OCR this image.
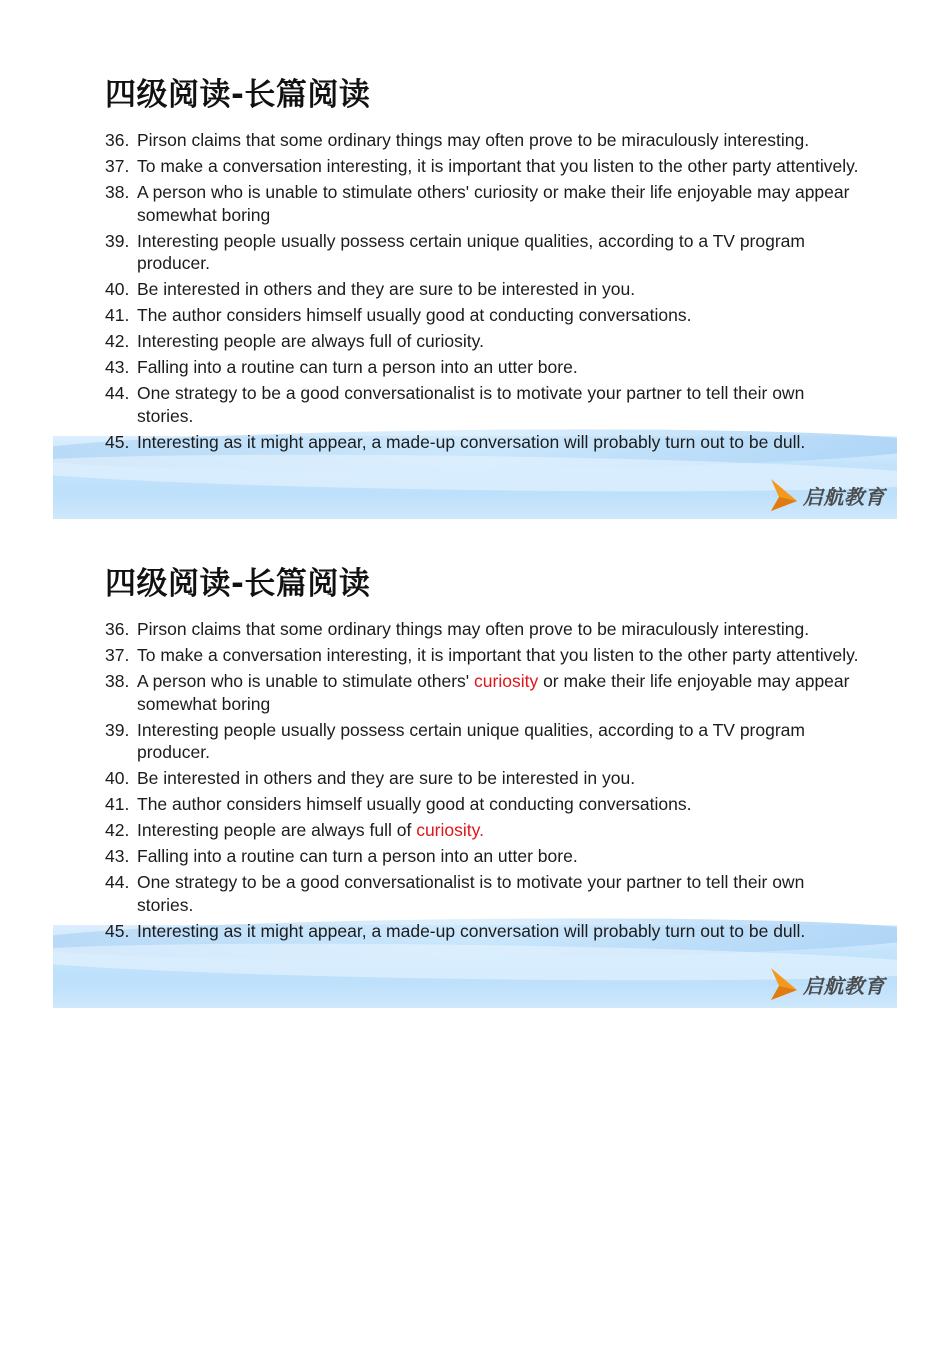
四级阅读-长篇阅读
36. Pirson claims that some ordinary things may often prove to be miraculously interesting.
37. To make a conversation interesting, it is important that you listen to the other party attentively.
38. A person who is unable to stimulate others' curiosity or make their life enjoyable may appear somewhat boring
39. Interesting people usually possess certain unique qualities, according to a TV program producer.
40. Be interested in others and they are sure to be interested in you.
41. The author considers himself usually good at conducting conversations.
42. Interesting people are always full of curiosity.
43. Falling into a routine can turn a person into an utter bore.
44. One strategy to be a good conversationalist is to motivate your partner to tell their own stories.
45. Interesting as it might appear, a made-up conversation will probably turn out to be dull.
启航教育
四级阅读-长篇阅读
36. Pirson claims that some ordinary things may often prove to be miraculously interesting.
37. To make a conversation interesting, it is important that you listen to the other party attentively.
38. A person who is unable to stimulate others' curiosity or make their life enjoyable may appear somewhat boring
39. Interesting people usually possess certain unique qualities, according to a TV program producer.
40. Be interested in others and they are sure to be interested in you.
41. The author considers himself usually good at conducting conversations.
42. Interesting people are always full of curiosity.
43. Falling into a routine can turn a person into an utter bore.
44. One strategy to be a good conversationalist is to motivate your partner to tell their own stories.
45. Interesting as it might appear, a made-up conversation will probably turn out to be dull.
启航教育
